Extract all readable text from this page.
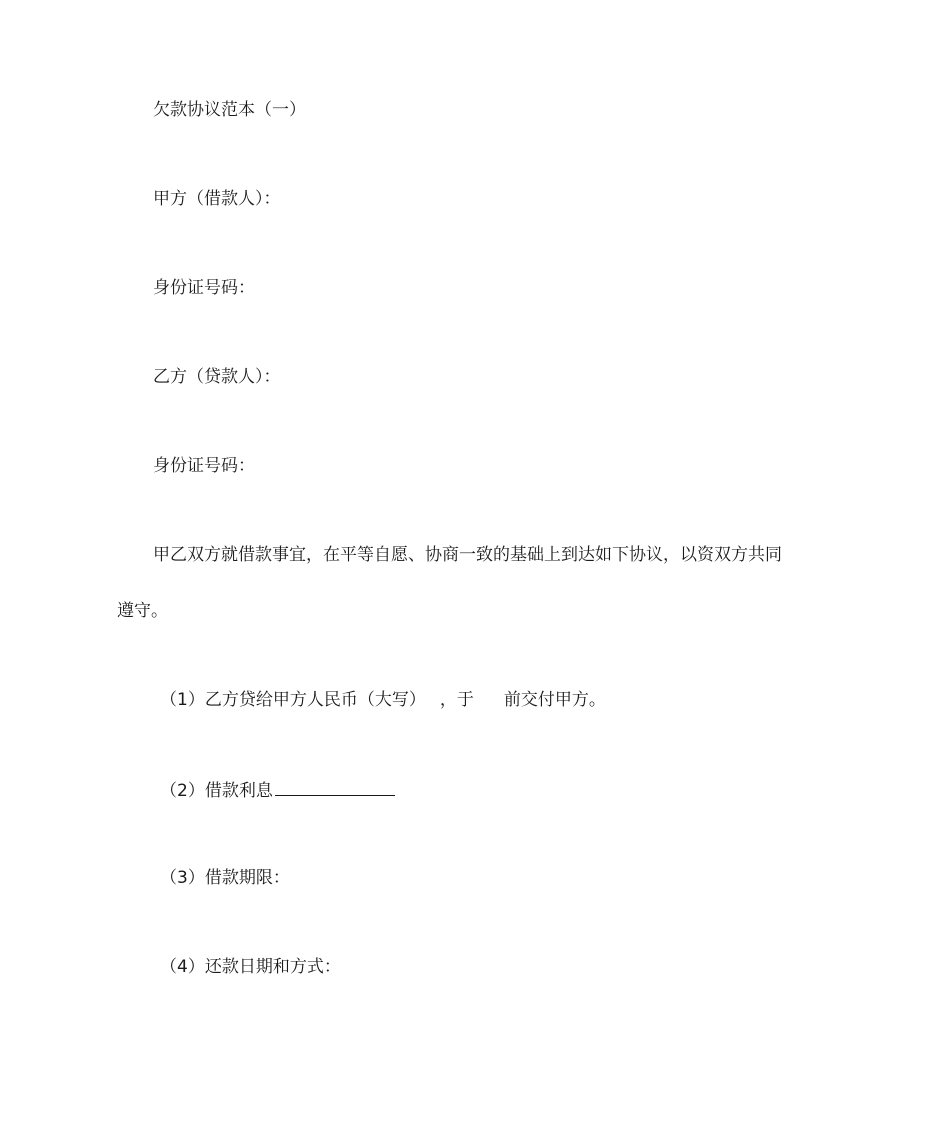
欠款协议范本（一）
甲方（借款人）：
身份证号码：
乙方（贷款人）：
身份证号码：
甲乙双方就借款事宜，在平等自愿、协商一致的基础上到达如下协议，以资双方共同
遵守。
（1）乙方贷给甲方人民币（大写） ，于 前交付甲方。
（2）借款利息
（3）借款期限：
（4）还款日期和方式：
